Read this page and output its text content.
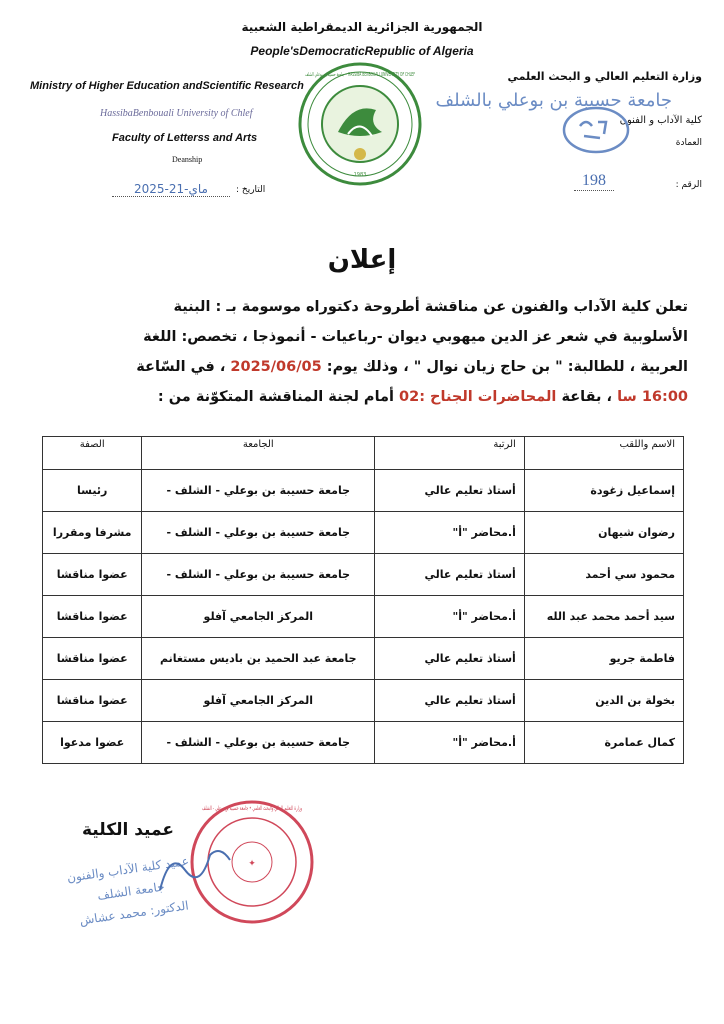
الجمهورية الجزائرية الديمقراطية الشعبية
People'sDemocraticRepublic of Algeria
Ministry of Higher Education andScientific Research
HassibaBenbouali University of Chlef
Faculty of Letterss and Arts
Deanship
وزارة التعليم العالي و البحث العلمي
جامعة حسيبة بن بوعلي بالشلف
كلية الآداب و الفنون
العمادة
1983
جامعة حسيبة بن بوعلي الشلف • HASSIBA BENBOUALI UNIVERSITY OF CHLEF
الرقم :
198
التاريخ :
2025-ماي-21
إعلان
تعلن كلية الآداب والفنون عن مناقشة أطروحة دكتوراه موسومة بـ : البنية
الأسلوبية في شعر عز الدين ميهوبي ديوان -رباعيات - أنموذجا ، تخصص: اللغة
العربية ، للطالبة: " بن حاج زيان نوال " ، وذلك يوم: 2025/06/05 ، في السّاعة
16:00 سا ، بقاعة المحاضرات الجناح :02 أمام لجنة المناقشة المتكوّنة من :
الاسم واللقب	الرتبة	الجامعة	الصفة
إسماعيل زغودة	أستاذ تعليم عالي	جامعة حسيبة بن بوعلي - الشلف -	رئيسا
رضوان شيهان	أ.محاضر "أ"	جامعة حسيبة بن بوعلي - الشلف -	مشرفا ومقررا
محمود سي أحمد	أستاذ تعليم عالي	جامعة حسيبة بن بوعلي - الشلف -	عضوا مناقشا
سيد أحمد محمد عبد الله	أ.محاضر "أ"	المركز الجامعي آفلو	عضوا مناقشا
فاطمة جريو	أستاذ تعليم عالي	جامعة عبد الحميد بن باديس مستغانم	عضوا مناقشا
بخولة بن الدين	أستاذ تعليم عالي	المركز الجامعي آفلو	عضوا مناقشا
كمال عمامرة	أ.محاضر "أ"	جامعة حسيبة بن بوعلي - الشلف -	عضوا مدعوا
عميد الكلية
✦
وزارة التعليم العالي والبحث العلمي • جامعة حسيبة بن بوعلي - الشلف
عميد كلية الآداب والفنون
جامعة الشلف
الدكتور: محمد عشاش
